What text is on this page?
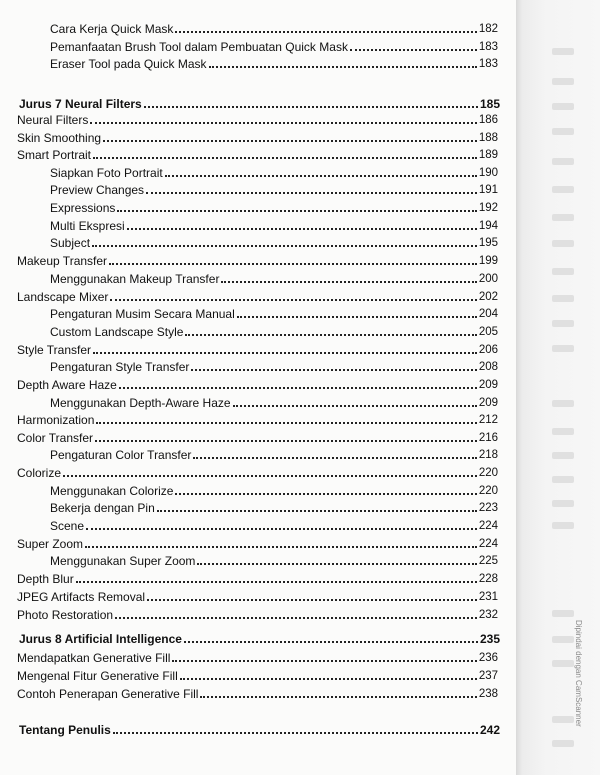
Cara Kerja Quick Mask	182
Pemanfaatan Brush Tool dalam Pembuatan Quick Mask	183
Eraser Tool pada Quick Mask	183
Jurus 7 Neural Filters	185
Neural Filters	186
Skin Smoothing	188
Smart Portrait	189
Siapkan Foto Portrait	190
Preview Changes	191
Expressions	192
Multi Ekspresi	194
Subject	195
Makeup Transfer	199
Menggunakan Makeup Transfer	200
Landscape Mixer	202
Pengaturan Musim Secara Manual	204
Custom Landscape Style	205
Style Transfer	206
Pengaturan Style Transfer	208
Depth Aware Haze	209
Menggunakan Depth-Aware Haze	209
Harmonization	212
Color Transfer	216
Pengaturan Color Transfer	218
Colorize	220
Menggunakan Colorize	220
Bekerja dengan Pin	223
Scene	224
Super Zoom	224
Menggunakan Super Zoom	225
Depth Blur	228
JPEG Artifacts Removal	231
Photo Restoration	232
Jurus 8 Artificial Intelligence	235
Mendapatkan Generative Fill	236
Mengenal Fitur Generative Fill	237
Contoh Penerapan Generative Fill	238
Tentang Penulis	242
Dipindai dengan CamScanner
